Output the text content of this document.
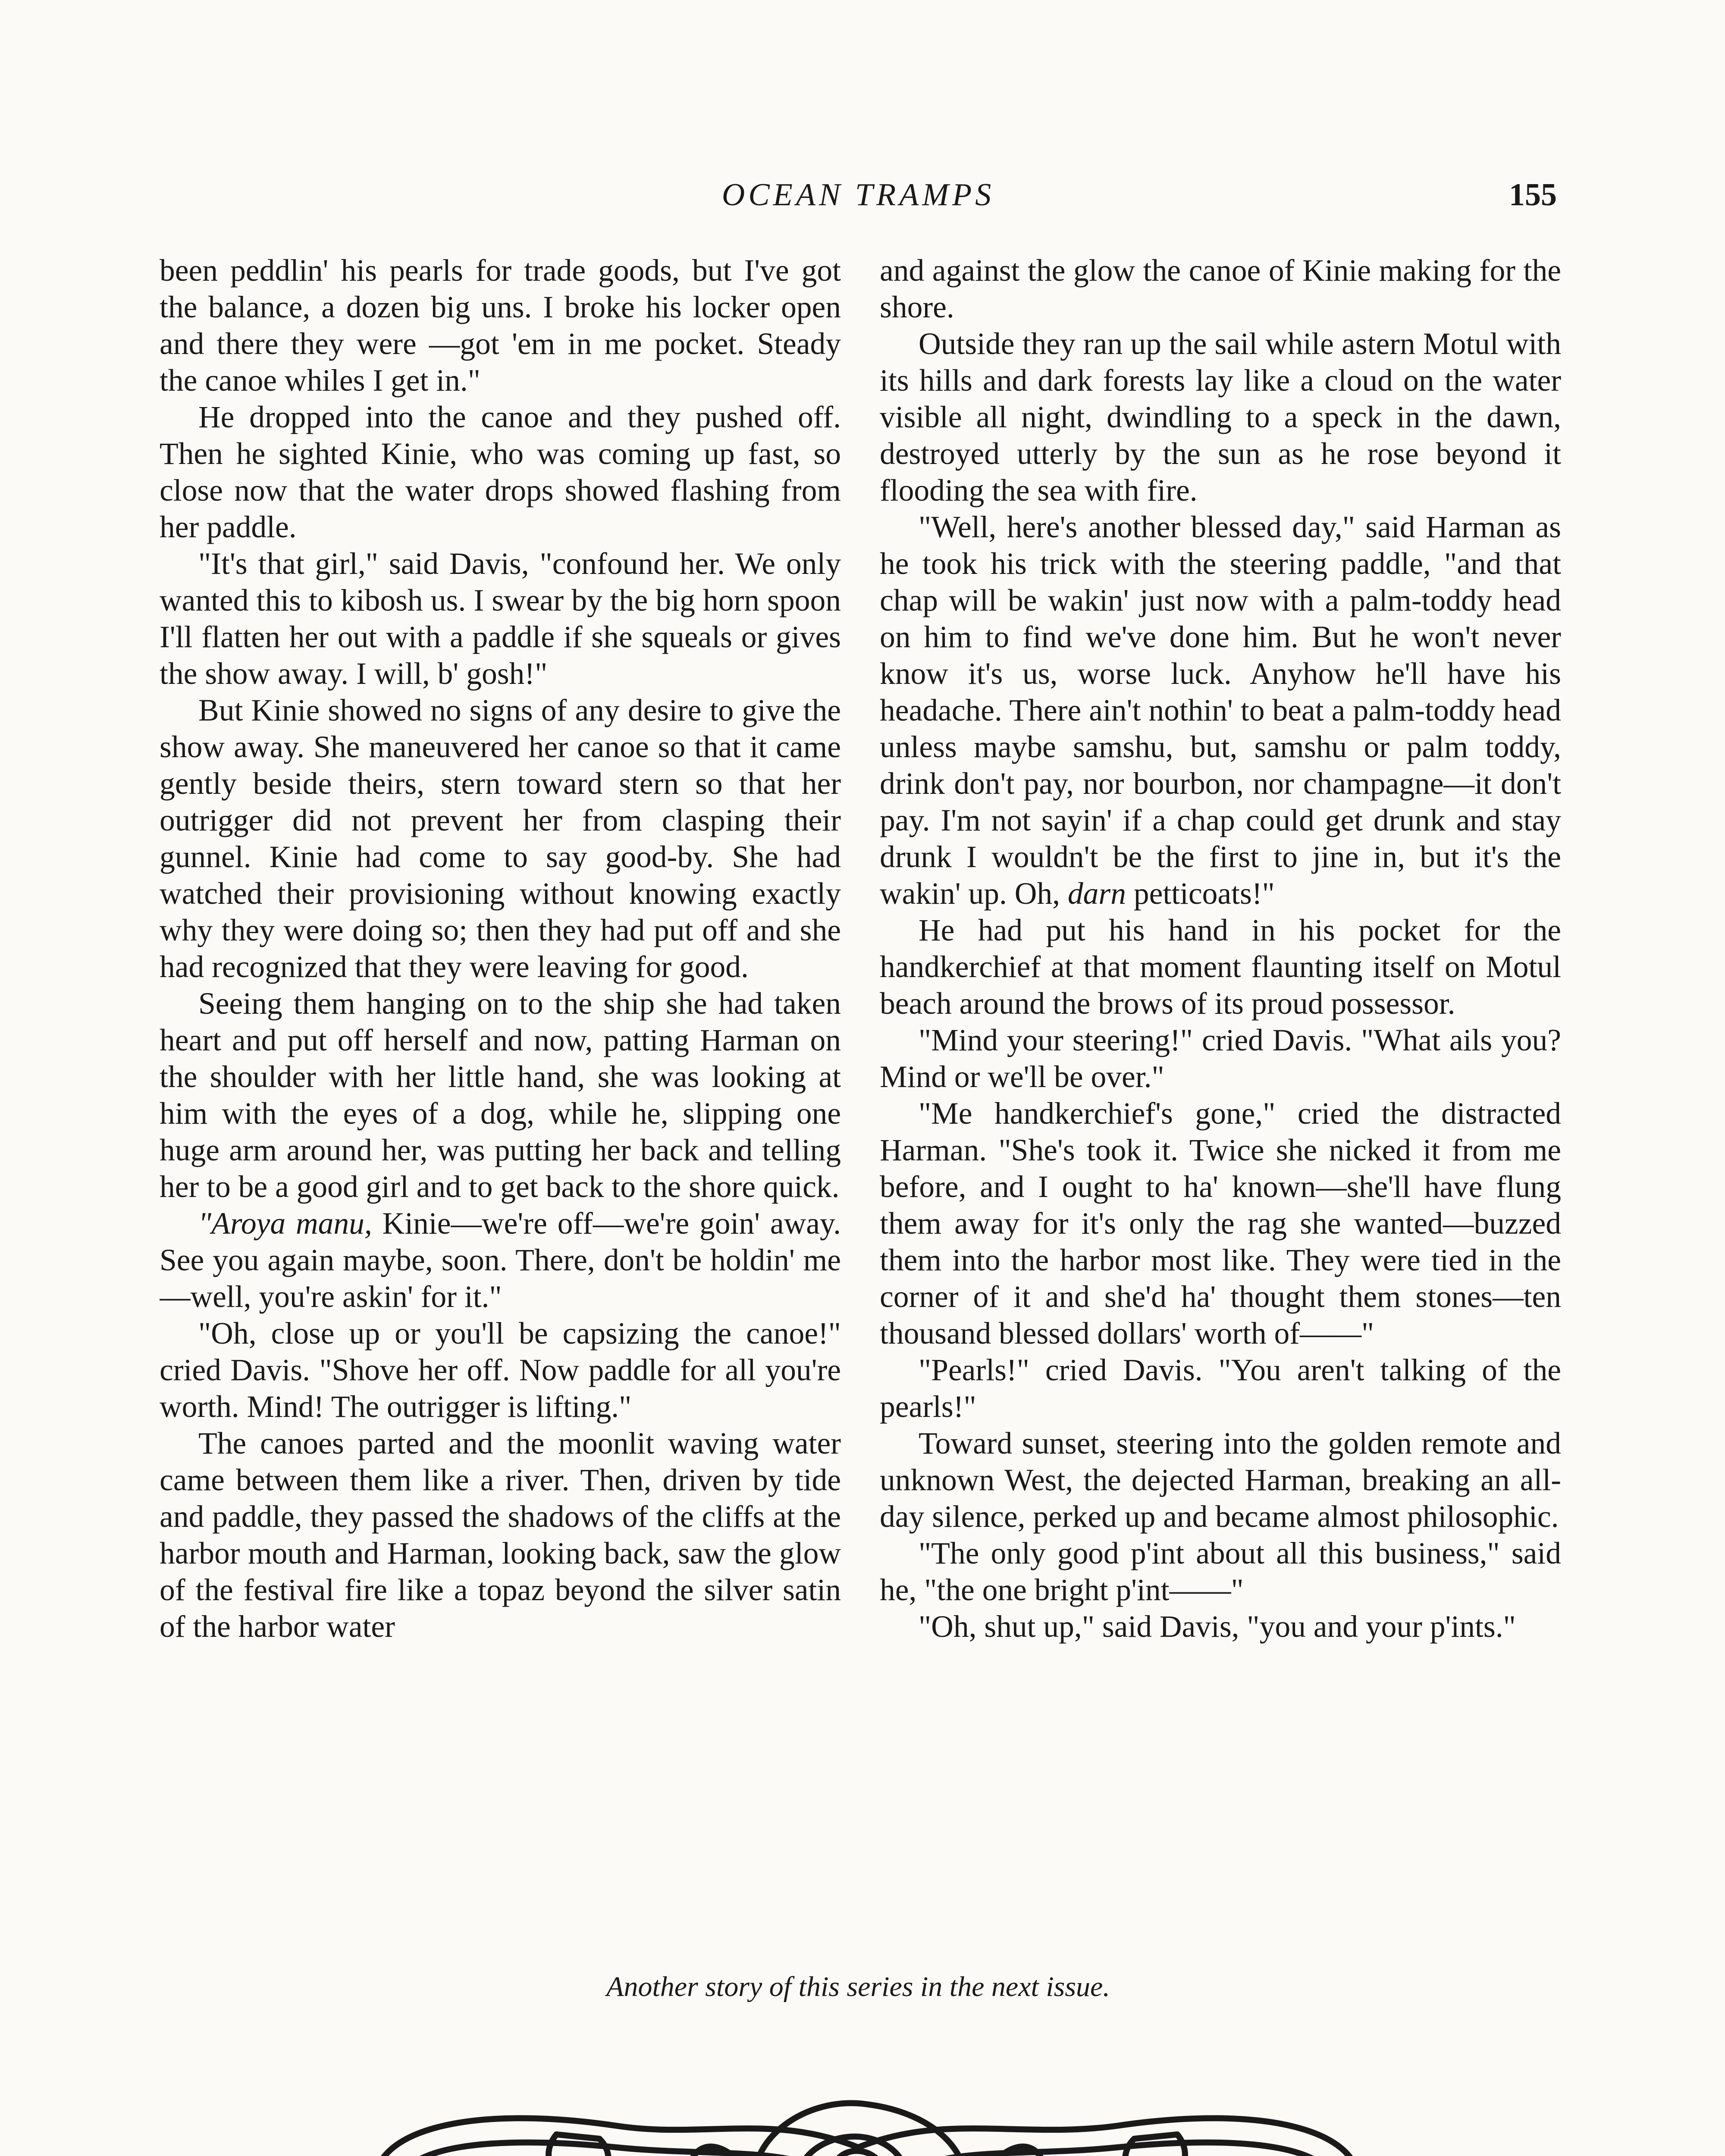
OCEAN TRAMPS	155

been peddlin' his pearls for trade goods, but I've got the balance, a dozen big uns. I broke his locker open and there they were —got 'em in me pocket. Steady the canoe whiles I get in."

He dropped into the canoe and they pushed off. Then he sighted Kinie, who was coming up fast, so close now that the water drops showed flashing from her paddle.

"It's that girl," said Davis, "confound her. We only wanted this to kibosh us. I swear by the big horn spoon I'll flatten her out with a paddle if she squeals or gives the show away. I will, b' gosh!"

But Kinie showed no signs of any desire to give the show away. She maneuvered her canoe so that it came gently beside theirs, stern toward stern so that her outrigger did not prevent her from clasping their gunnel. Kinie had come to say good-by. She had watched their provisioning without knowing exactly why they were doing so; then they had put off and she had recognized that they were leaving for good.

Seeing them hanging on to the ship she had taken heart and put off herself and now, patting Harman on the shoulder with her little hand, she was looking at him with the eyes of a dog, while he, slipping one huge arm around her, was putting her back and telling her to be a good girl and to get back to the shore quick.

"Aroya manu, Kinie—we're off—we're goin' away. See you again maybe, soon. There, don't be holdin' me—well, you're askin' for it."

"Oh, close up or you'll be capsizing the canoe!" cried Davis. "Shove her off. Now paddle for all you're worth. Mind! The outrigger is lifting."

The canoes parted and the moonlit waving water came between them like a river. Then, driven by tide and paddle, they passed the shadows of the cliffs at the harbor mouth and Harman, looking back, saw the glow of the festival fire like a topaz beyond the silver satin of the harbor water

and against the glow the canoe of Kinie making for the shore.

Outside they ran up the sail while astern Motul with its hills and dark forests lay like a cloud on the water visible all night, dwindling to a speck in the dawn, destroyed utterly by the sun as he rose beyond it flooding the sea with fire.

"Well, here's another blessed day," said Harman as he took his trick with the steering paddle, "and that chap will be wakin' just now with a palm-toddy head on him to find we've done him. But he won't never know it's us, worse luck. Anyhow he'll have his headache. There ain't nothin' to beat a palm-toddy head unless maybe samshu, but, samshu or palm toddy, drink don't pay, nor bourbon, nor champagne—it don't pay. I'm not sayin' if a chap could get drunk and stay drunk I wouldn't be the first to jine in, but it's the wakin' up. Oh, darn petticoats!"

He had put his hand in his pocket for the handkerchief at that moment flaunting itself on Motul beach around the brows of its proud possessor.

"Mind your steering!" cried Davis. "What ails you? Mind or we'll be over."

"Me handkerchief's gone," cried the distracted Harman. "She's took it. Twice she nicked it from me before, and I ought to ha' known—she'll have flung them away for it's only the rag she wanted—buzzed them into the harbor most like. They were tied in the corner of it and she'd ha' thought them stones—ten thousand blessed dollars' worth of——"

"Pearls!" cried Davis. "You aren't talking of the pearls!"

Toward sunset, steering into the golden remote and unknown West, the dejected Harman, breaking an all-day silence, perked up and became almost philosophic.

"The only good p'int about all this business," said he, "the one bright p'int——"

"Oh, shut up," said Davis, "you and your p'ints."

Another story of this series in the next issue.
